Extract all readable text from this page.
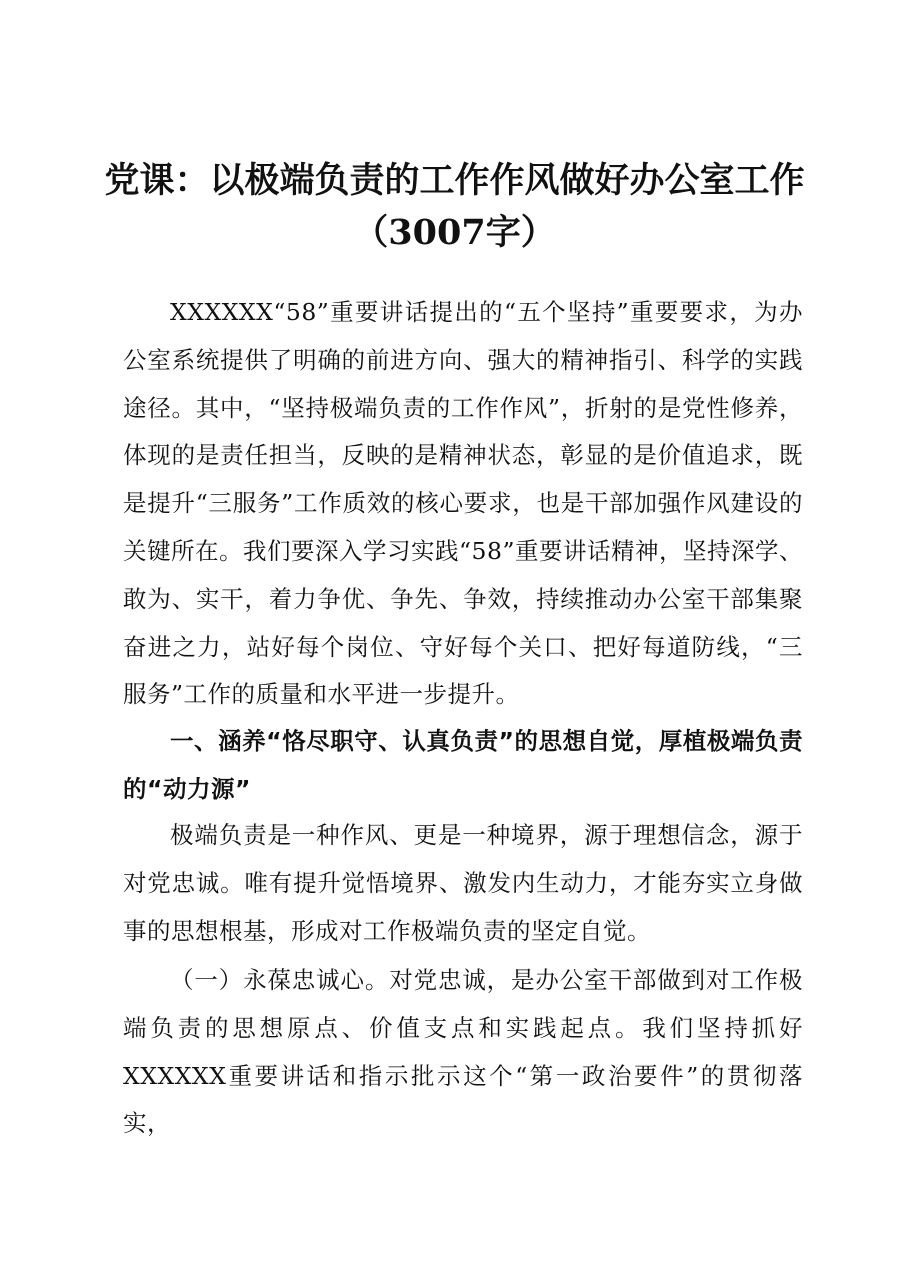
党课：以极端负责的工作作风做好办公室工作
（3007字）

XXXXXX“58”重要讲话提出的“五个坚持”重要要求，为办公室系统提供了明确的前进方向、强大的精神指引、科学的实践途径。其中，“坚持极端负责的工作作风”，折射的是党性修养，体现的是责任担当，反映的是精神状态，彰显的是价值追求，既是提升“三服务”工作质效的核心要求，也是干部加强作风建设的关键所在。我们要深入学习实践“58”重要讲话精神，坚持深学、敢为、实干，着力争优、争先、争效，持续推动办公室干部集聚奋进之力，站好每个岗位、守好每个关口、把好每道防线，“三服务”工作的质量和水平进一步提升。

一、涵养“恪尽职守、认真负责”的思想自觉，厚植极端负责的“动力源”

极端负责是一种作风、更是一种境界，源于理想信念，源于对党忠诚。唯有提升觉悟境界、激发内生动力，才能夯实立身做事的思想根基，形成对工作极端负责的坚定自觉。

（一）永葆忠诚心。对党忠诚，是办公室干部做到对工作极端负责的思想原点、价值支点和实践起点。我们坚持抓好XXXXXX重要讲话和指示批示这个“第一政治要件”的贯彻落实，
